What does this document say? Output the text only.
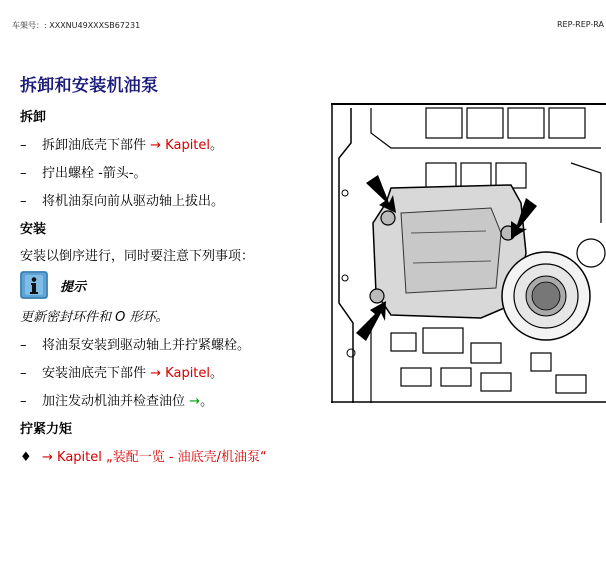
车架号：: XXXNU49XXXSB67231	REP-REP-RA
拆卸和安装机油泵
拆卸
– 拆卸油底壳下部件 → Kapitel。
– 拧出螺栓 -箭头-。
– 将机油泵向前从驱动轴上拔出。
安装
安装以倒序进行，同时要注意下列事项：
提示
更新密封环件和 O 形环。
– 将油泵安装到驱动轴上并拧紧螺栓。
– 安装油底壳下部件 → Kapitel。
– 加注发动机油并检查油位 →。
拧紧力矩
♦ → Kapitel „装配一览 - 油底壳/机油泵“
